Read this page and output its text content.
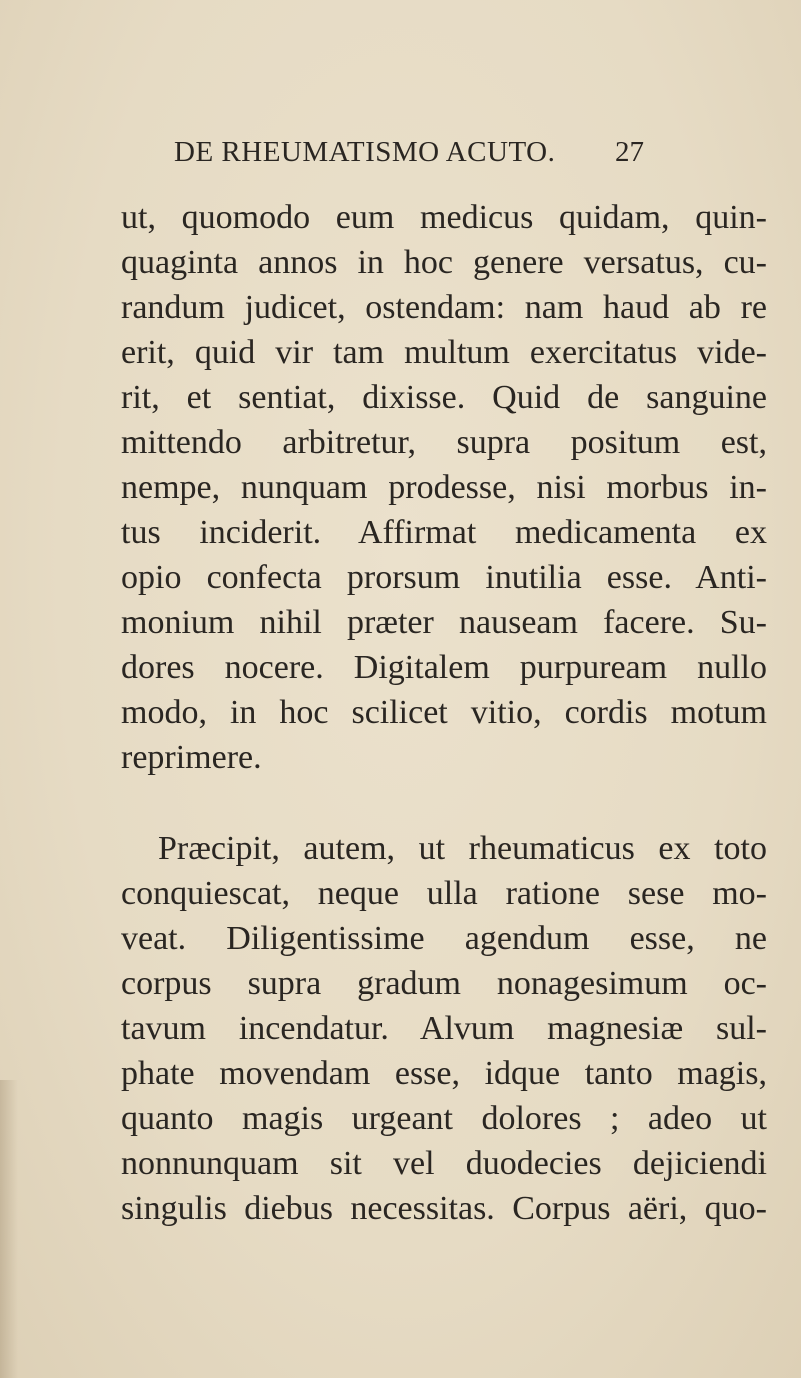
DE RHEUMATISMO ACUTO. 27
ut, quomodo eum medicus quidam, quin-
quaginta annos in hoc genere versatus, cu-
randum judicet, ostendam: nam haud ab re
erit, quid vir tam multum exercitatus vide-
rit, et sentiat, dixisse. Quid de sanguine
mittendo arbitretur, supra positum est,
nempe, nunquam prodesse, nisi morbus in-
tus inciderit. Affirmat medicamenta ex
opio confecta prorsum inutilia esse. Anti-
monium nihil præter nauseam facere. Su-
dores nocere. Digitalem purpuream nullo
modo, in hoc scilicet vitio, cordis motum
reprimere.
Præcipit, autem, ut rheumaticus ex toto
conquiescat, neque ulla ratione sese mo-
veat. Diligentissime agendum esse, ne
corpus supra gradum nonagesimum oc-
tavum incendatur. Alvum magnesiæ sul-
phate movendam esse, idque tanto magis,
quanto magis urgeant dolores ; adeo ut
nonnunquam sit vel duodecies dejiciendi
singulis diebus necessitas. Corpus aëri, quo-
